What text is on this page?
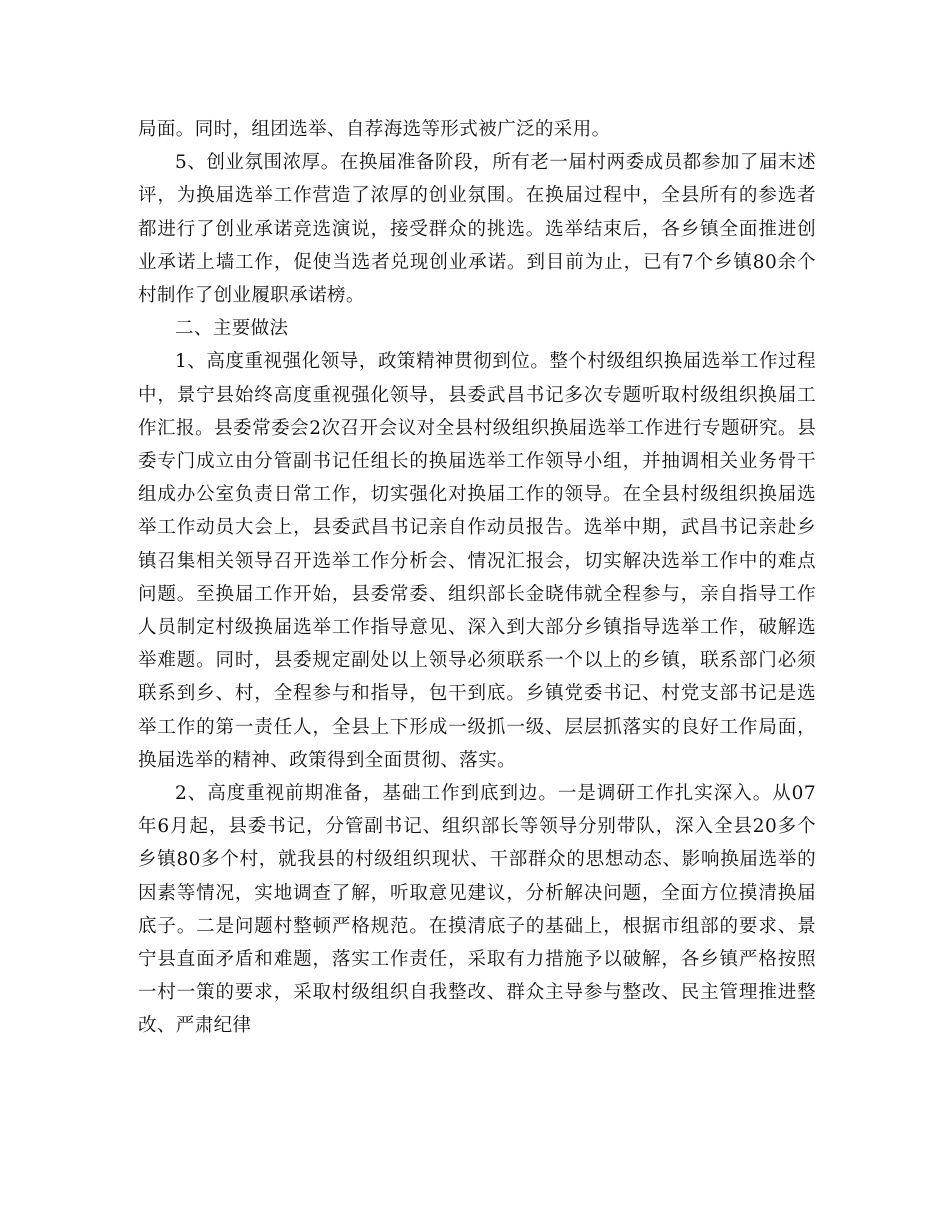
局面。同时，组团选举、自荐海选等形式被广泛的采用。

5、创业氛围浓厚。在换届准备阶段，所有老一届村两委成员都参加了届末述评，为换届选举工作营造了浓厚的创业氛围。在换届过程中，全县所有的参选者都进行了创业承诺竞选演说，接受群众的挑选。选举结束后，各乡镇全面推进创业承诺上墙工作，促使当选者兑现创业承诺。到目前为止，已有7个乡镇80余个村制作了创业履职承诺榜。

二、主要做法

1、高度重视强化领导，政策精神贯彻到位。整个村级组织换届选举工作过程中，景宁县始终高度重视强化领导，县委武昌书记多次专题听取村级组织换届工作汇报。县委常委会2次召开会议对全县村级组织换届选举工作进行专题研究。县委专门成立由分管副书记任组长的换届选举工作领导小组，并抽调相关业务骨干组成办公室负责日常工作，切实强化对换届工作的领导。在全县村级组织换届选举工作动员大会上，县委武昌书记亲自作动员报告。选举中期，武昌书记亲赴乡镇召集相关领导召开选举工作分析会、情况汇报会，切实解决选举工作中的难点问题。至换届工作开始，县委常委、组织部长金晓伟就全程参与，亲自指导工作人员制定村级换届选举工作指导意见、深入到大部分乡镇指导选举工作，破解选举难题。同时，县委规定副处以上领导必须联系一个以上的乡镇，联系部门必须联系到乡、村，全程参与和指导，包干到底。乡镇党委书记、村党支部书记是选举工作的第一责任人，全县上下形成一级抓一级、层层抓落实的良好工作局面，换届选举的精神、政策得到全面贯彻、落实。

2、高度重视前期准备，基础工作到底到边。一是调研工作扎实深入。从07年6月起，县委书记，分管副书记、组织部长等领导分别带队，深入全县20多个乡镇80多个村，就我县的村级组织现状、干部群众的思想动态、影响换届选举的因素等情况，实地调查了解，听取意见建议，分析解决问题，全面方位摸清换届底子。二是问题村整顿严格规范。在摸清底子的基础上，根据市组部的要求、景宁县直面矛盾和难题，落实工作责任，采取有力措施予以破解，各乡镇严格按照一村一策的要求，采取村级组织自我整改、群众主导参与整改、民主管理推进整改、严肃纪律
